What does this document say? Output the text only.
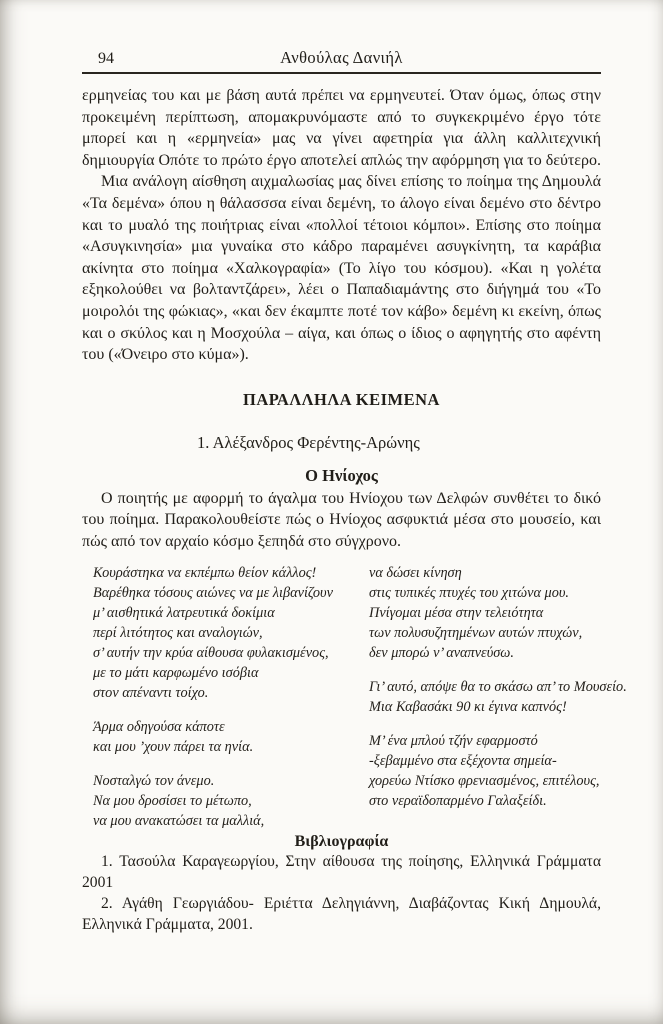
94	Ανθούλας Δανιήλ

ερμηνείας του και με βάση αυτά πρέπει να ερμηνευτεί. Όταν όμως, όπως στην προκειμένη περίπτωση, απομακρυνόμαστε από το συγκεκριμένο έργο τότε μπορεί και η «ερμηνεία» μας να γίνει αφετηρία για άλλη καλλιτεχνική δημιουργία Οπότε το πρώτο έργο αποτελεί απλώς την αφόρμηση για το δεύτερο.

Μια ανάλογη αίσθηση αιχμαλωσίας μας δίνει επίσης το ποίημα της Δημουλά «Τα δεμένα» όπου η θάλασσσα είναι δεμένη, το άλογο είναι δεμένο στο δέντρο και το μυαλό της ποιήτριας είναι «πολλοί τέτοιοι κόμποι». Επίσης στο ποίημα «Ασυγκινησία» μια γυναίκα στο κάδρο παραμένει ασυγκίνητη, τα καράβια ακίνητα στο ποίημα «Χαλκογραφία» (Το λίγο του κόσμου). «Και η γολέτα εξηκολούθει να βολταντζάρει», λέει ο Παπαδιαμάντης στο διήγημά του «Το μοιρολόι της φώκιας», «και δεν έκαμπτε ποτέ τον κάβο» δεμένη κι εκείνη, όπως και ο σκύλος και η Μοσχούλα – αίγα, και όπως ο ίδιος ο αφηγητής στο αφέντη του («Όνειρο στο κύμα»).

ΠΑΡΑΛΛΗΛΑ ΚΕΙΜΕΝΑ
1. Αλέξανδρος Φερέντης-Αρώνης
Ο Ηνίοχος

Ο ποιητής με αφορμή το άγαλμα του Ηνίοχου των Δελφών συνθέτει το δικό του ποίημα. Παρακολουθείστε πώς ο Ηνίοχος ασφυκτιά μέσα στο μουσείο, και πώς από τον αρχαίο κόσμο ξεπηδά στο σύγχρονο.

Κουράστηκα να εκπέμπω θείον κάλλος!
Βαρέθηκα τόσους αιώνες να με λιβανίζουν
μ’ αισθητικά λατρευτικά δοκίμια
περί λιτότητος και αναλογιών,
σ’ αυτήν την κρύα αίθουσα φυλακισμένος,
με το μάτι καρφωμένο ισόβια
στον απέναντι τοίχο.
Άρμα οδηγούσα κάποτε
και μου ’χουν πάρει τα ηνία.
Νοσταλγώ τον άνεμο.
Να μου δροσίσει το μέτωπο,
να μου ανακατώσει τα μαλλιά,
να δώσει κίνηση
στις τυπικές πτυχές του χιτώνα μου.
Πνίγομαι μέσα στην τελειότητα
των πολυσυζητημένων αυτών πτυχών,
δεν μπορώ ν’ αναπνεύσω.
Γι’ αυτό, απόψε θα το σκάσω απ’ το Μουσείο.
Μια Καβασάκι 90 κι έγινα καπνός!
Μ’ ένα μπλού τζήν εφαρμοστό
-ξεβαμμένο στα εξέχοντα σημεία-
χορεύω Ντίσκο φρενιασμένος, επιτέλους,
στο νεραϊδοπαρμένο Γαλαξείδι.
Βιβλιογραφία

1. Τασούλα Καραγεωργίου, Στην αίθουσα της ποίησης, Ελληνικά Γράμματα 2001

2. Αγάθη Γεωργιάδου- Εριέττα Δεληγιάννη, Διαβάζοντας Κική Δημουλά, Ελληνικά Γράμματα, 2001.
